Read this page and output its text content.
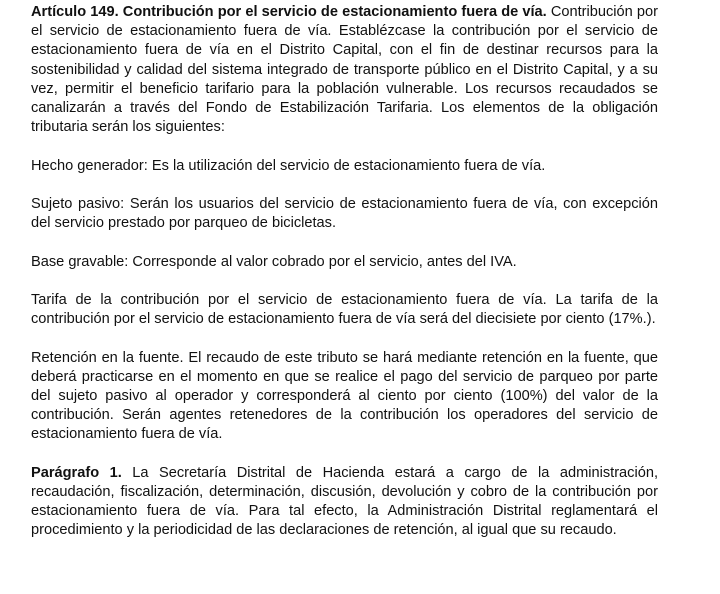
Artículo 149. Contribución por el servicio de estacionamiento fuera de vía. Contribución por el servicio de estacionamiento fuera de vía. Establézcase la contribución por el servicio de estacionamiento fuera de vía en el Distrito Capital, con el fin de destinar recursos para la sostenibilidad y calidad del sistema integrado de transporte público en el Distrito Capital, y a su vez, permitir el beneficio tarifario para la población vulnerable. Los recursos recaudados se canalizarán a través del Fondo de Estabilización Tarifaria. Los elementos de la obligación tributaria serán los siguientes:

Hecho generador: Es la utilización del servicio de estacionamiento fuera de vía.

Sujeto pasivo: Serán los usuarios del servicio de estacionamiento fuera de vía, con excepción del servicio prestado por parqueo de bicicletas.

Base gravable: Corresponde al valor cobrado por el servicio, antes del IVA.

Tarifa de la contribución por el servicio de estacionamiento fuera de vía. La tarifa de la contribución por el servicio de estacionamiento fuera de vía será del diecisiete por ciento (17%.).

Retención en la fuente. El recaudo de este tributo se hará mediante retención en la fuente, que deberá practicarse en el momento en que se realice el pago del servicio de parqueo por parte del sujeto pasivo al operador y corresponderá al ciento por ciento (100%) del valor de la contribución. Serán agentes retenedores de la contribución los operadores del servicio de estacionamiento fuera de vía.

Parágrafo 1. La Secretaría Distrital de Hacienda estará a cargo de la administración, recaudación, fiscalización, determinación, discusión, devolución y cobro de la contribución por estacionamiento fuera de vía. Para tal efecto, la Administración Distrital reglamentará el procedimiento y la periodicidad de las declaraciones de retención, al igual que su recaudo.
